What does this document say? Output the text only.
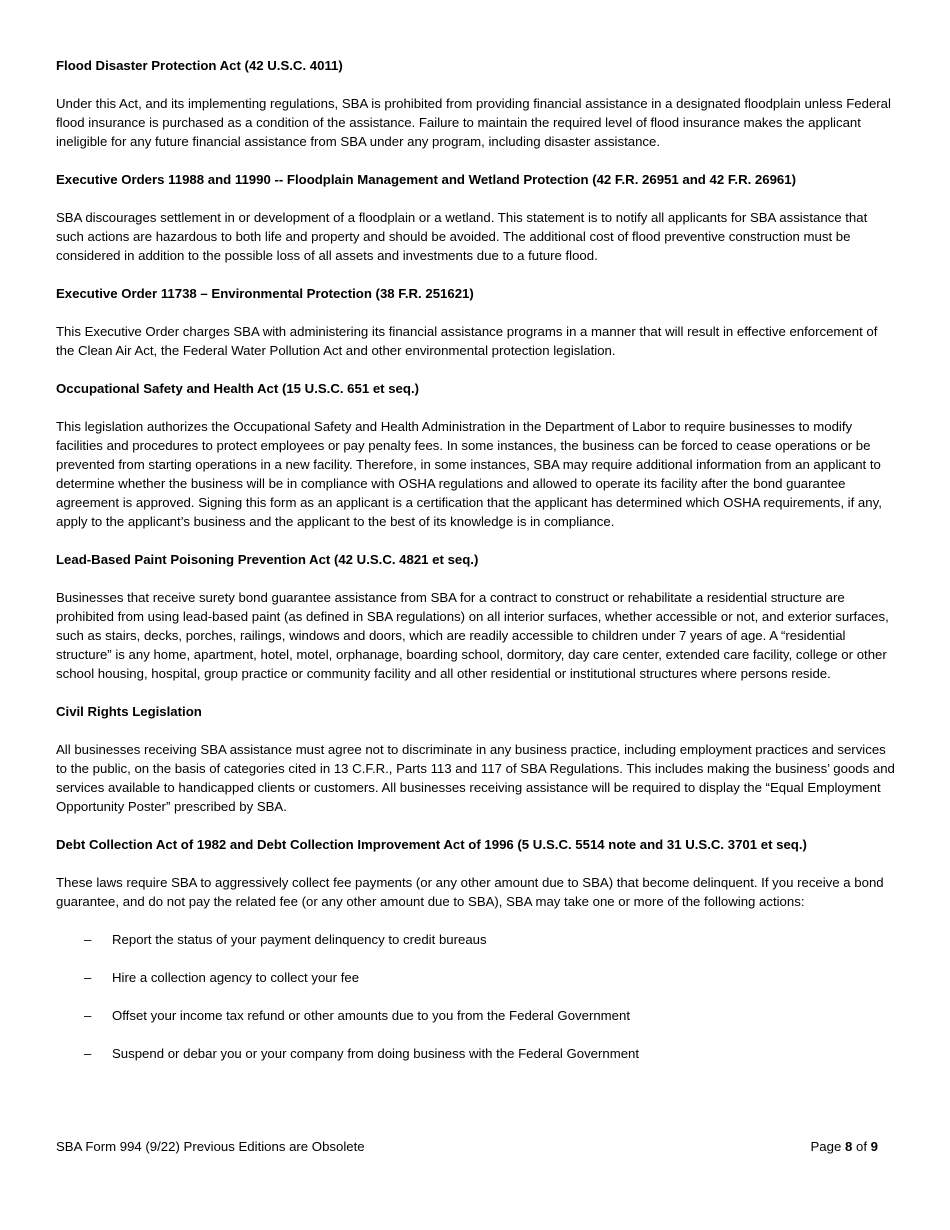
Flood Disaster Protection Act (42 U.S.C. 4011)

Under this Act, and its implementing regulations, SBA is prohibited from providing financial assistance in a designated floodplain unless Federal flood insurance is purchased as a condition of the assistance. Failure to maintain the required level of flood insurance makes the applicant ineligible for any future financial assistance from SBA under any program, including disaster assistance.

Executive Orders 11988 and 11990 -- Floodplain Management and Wetland Protection (42 F.R. 26951 and 42 F.R. 26961)

SBA discourages settlement in or development of a floodplain or a wetland. This statement is to notify all applicants for SBA assistance that such actions are hazardous to both life and property and should be avoided. The additional cost of flood preventive construction must be considered in addition to the possible loss of all assets and investments due to a future flood.

Executive Order 11738 – Environmental Protection (38 F.R. 251621)

This Executive Order charges SBA with administering its financial assistance programs in a manner that will result in effective enforcement of the Clean Air Act, the Federal Water Pollution Act and other environmental protection legislation.

Occupational Safety and Health Act (15 U.S.C. 651 et seq.)

This legislation authorizes the Occupational Safety and Health Administration in the Department of Labor to require businesses to modify facilities and procedures to protect employees or pay penalty fees. In some instances, the business can be forced to cease operations or be prevented from starting operations in a new facility. Therefore, in some instances, SBA may require additional information from an applicant to determine whether the business will be in compliance with OSHA regulations and allowed to operate its facility after the bond guarantee agreement is approved. Signing this form as an applicant is a certification that the applicant has determined which OSHA requirements, if any, apply to the applicant’s business and the applicant to the best of its knowledge is in compliance.

Lead-Based Paint Poisoning Prevention Act (42 U.S.C. 4821 et seq.)

Businesses that receive surety bond guarantee assistance from SBA for a contract to construct or rehabilitate a residential structure are prohibited from using lead-based paint (as defined in SBA regulations) on all interior surfaces, whether accessible or not, and exterior surfaces, such as stairs, decks, porches, railings, windows and doors, which are readily accessible to children under 7 years of age. A “residential structure” is any home, apartment, hotel, motel, orphanage, boarding school, dormitory, day care center, extended care facility, college or other school housing, hospital, group practice or community facility and all other residential or institutional structures where persons reside.

Civil Rights Legislation

All businesses receiving SBA assistance must agree not to discriminate in any business practice, including employment practices and services to the public, on the basis of categories cited in 13 C.F.R., Parts 113 and 117 of SBA Regulations. This includes making the business’ goods and services available to handicapped clients or customers. All businesses receiving assistance will be required to display the “Equal Employment Opportunity Poster” prescribed by SBA.

Debt Collection Act of 1982 and Debt Collection Improvement Act of 1996 (5 U.S.C. 5514 note and 31 U.S.C. 3701 et seq.)

These laws require SBA to aggressively collect fee payments (or any other amount due to SBA) that become delinquent. If you receive a bond guarantee, and do not pay the related fee (or any other amount due to SBA), SBA may take one or more of the following actions:

– Report the status of your payment delinquency to credit bureaus
– Hire a collection agency to collect your fee
– Offset your income tax refund or other amounts due to you from the Federal Government
– Suspend or debar you or your company from doing business with the Federal Government
SBA Form 994 (9/22) Previous Editions are Obsolete	Page 8 of 9
